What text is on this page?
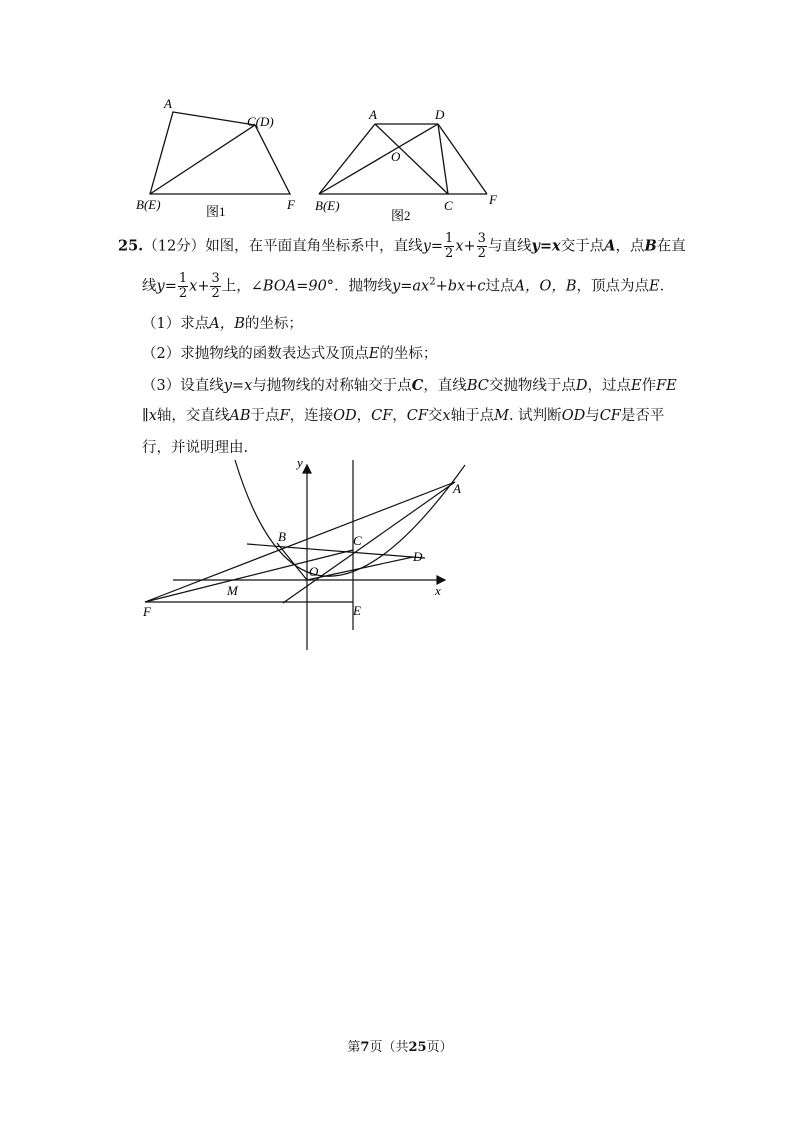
A
C(D)
B(E)	F
图1
A	D
O
B(E)	C	F
图2
25.（12分）如图，在平面直角坐标系中，直线$y= \frac{1}{2} x+ \frac{3}{2}$ 与直线y=x交于点A，点B在直
线$y= \frac{1}{2} x+ \frac{3}{2}$ 上，∠BOA=90°．抛物线$y=ax^2+bx+c$过点A，O，B，顶点为点E．
（1）求点A，B的坐标；
（2）求抛物线的函数表达式及顶点E的坐标；
（3）设直线y=x与抛物线的对称轴交于点C，直线BC交抛物线于点D，过点E作FE
∥x轴，交直线AB于点F，连接OD，CF，CF交x轴于点M. 试判断OD与CF是否平
行，并说明理由.
y
x
A
B	C
D
O
M
F	E
第7页（共25页）
